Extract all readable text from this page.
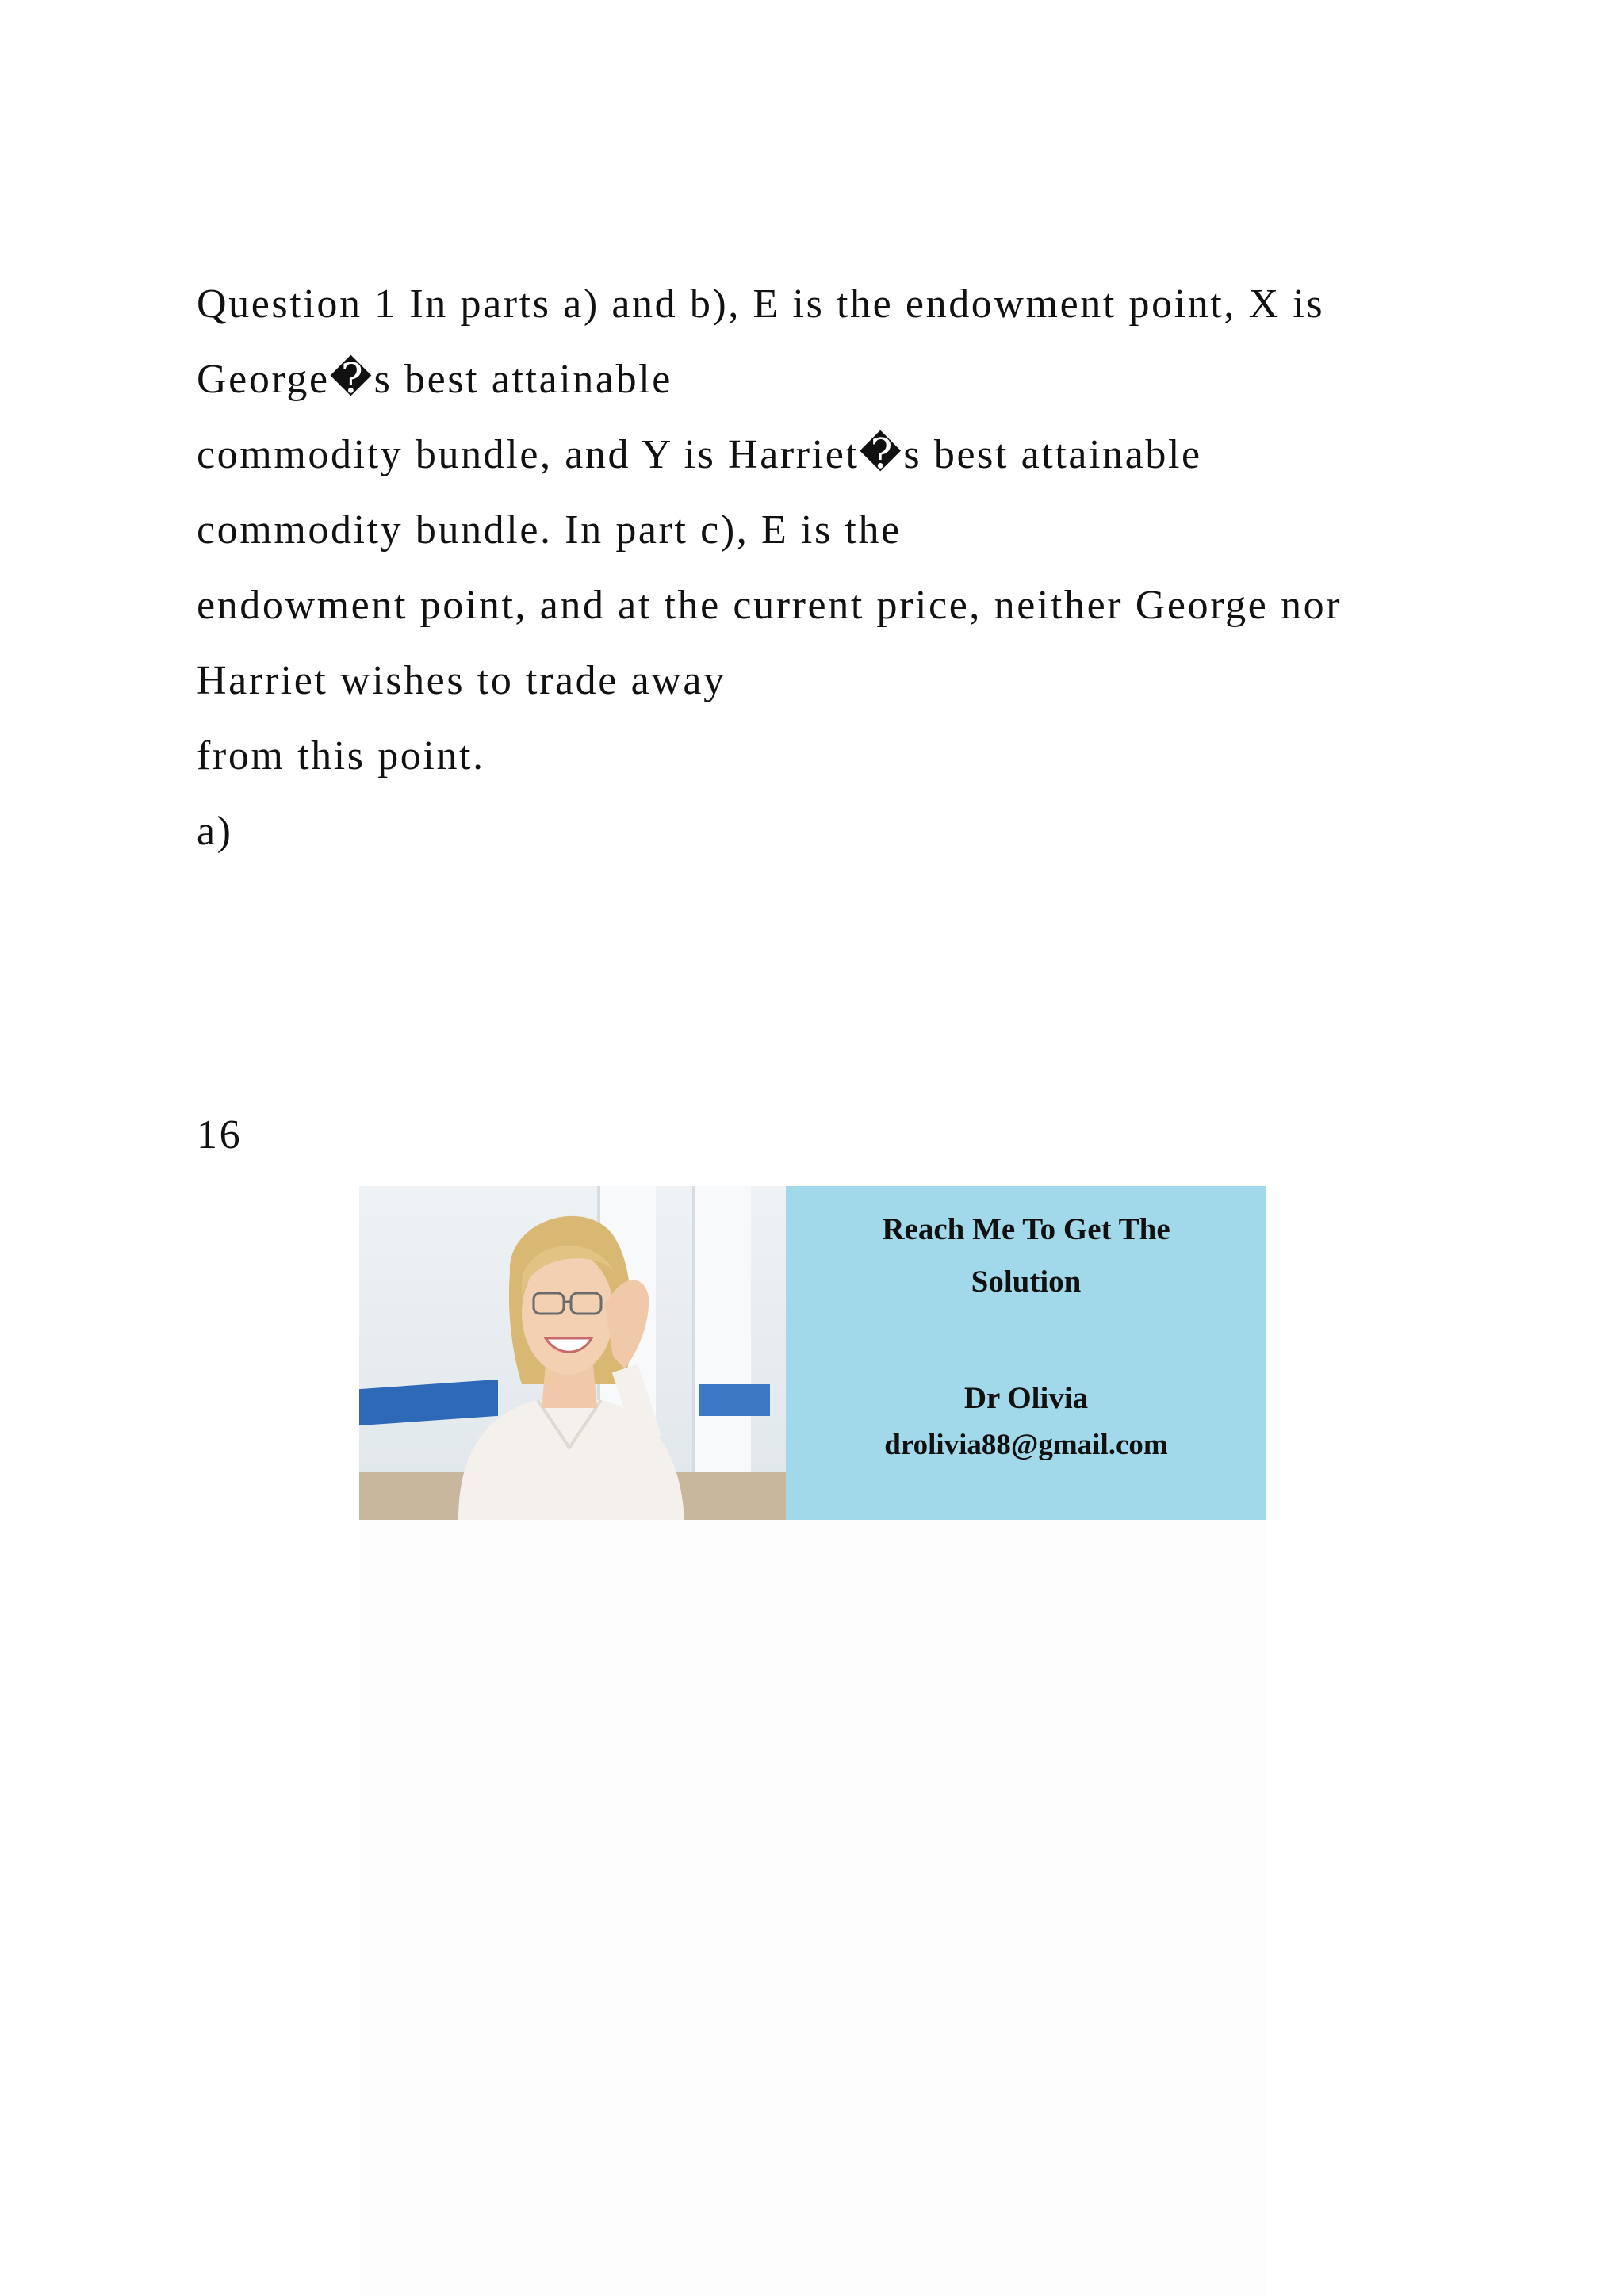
Question 1 In parts a) and b), E is the endowment point, X is
George�s best attainable
commodity bundle, and Y is Harriet�s best attainable
commodity bundle. In part c), E is the
endowment point, and at the current price, neither George nor
Harriet wishes to trade away
from this point.
a)
16
Reach Me To Get The
Solution
Dr Olivia
drolivia88@gmail.com
